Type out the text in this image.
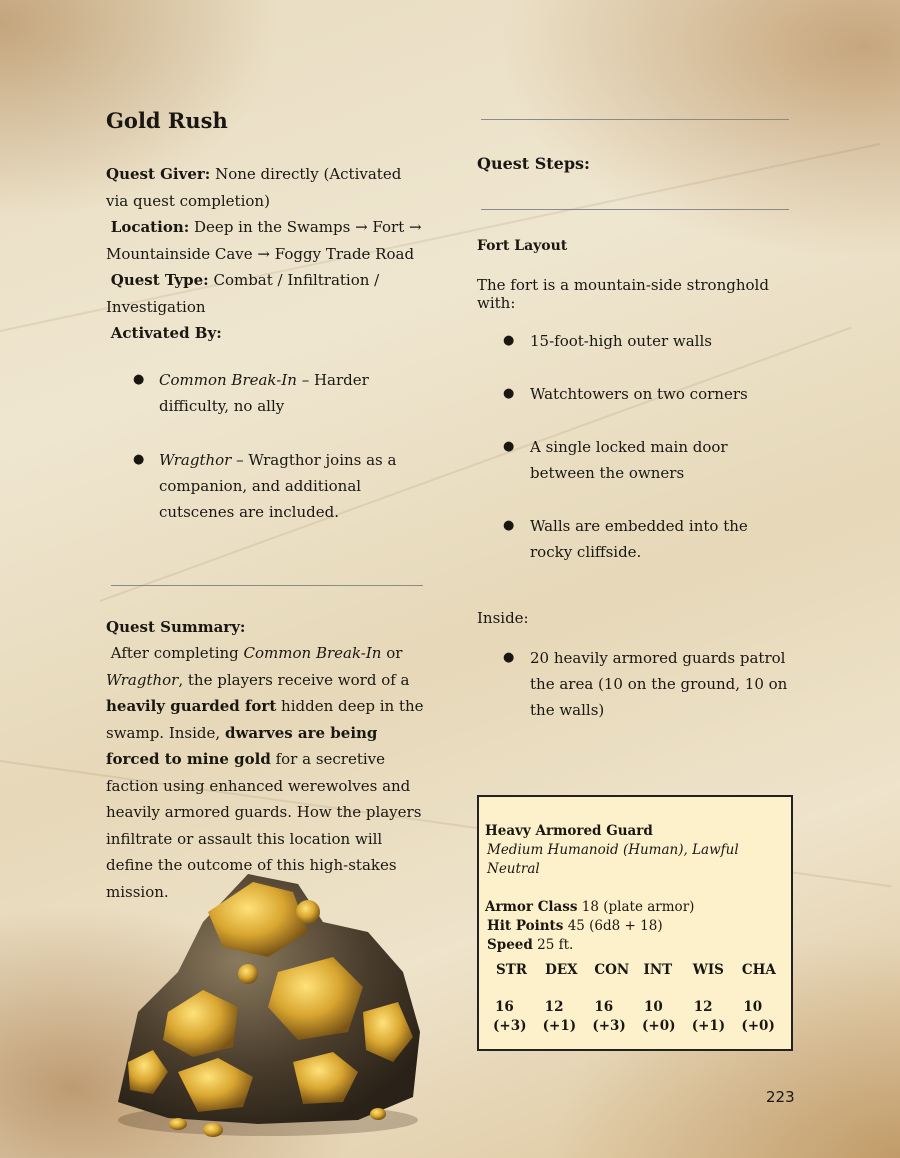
Gold Rush
Quest Giver: None directly (Activated via quest completion)
Location: Deep in the Swamps → Fort → Mountainside Cave → Foggy Trade Road
Quest Type: Combat / Infiltration / Investigation
Activated By:
● Common Break-In – Harder difficulty, no ally
● Wragthor – Wragthor joins as a companion, and additional cutscenes are included.
Quest Summary:
After completing Common Break-In or Wragthor, the players receive word of a heavily guarded fort hidden deep in the swamp. Inside, dwarves are being forced to mine gold for a secretive faction using enhanced werewolves and heavily armored guards. How the players infiltrate or assault this location will define the outcome of this high-stakes mission.
Quest Steps:
Fort Layout
The fort is a mountain-side stronghold with:
● 15-foot-high outer walls
● Watchtowers on two corners
● A single locked main door between the owners
● Walls are embedded into the rocky cliffside.
Inside:
● 20 heavily armored guards patrol the area (10 on the ground, 10 on the walls)
Heavy Armored Guard
Medium Humanoid (Human), Lawful Neutral
Armor Class 18 (plate armor)
Hit Points 45 (6d8 + 18)
Speed 25 ft.
STR	DEX	CON	INT	WIS	CHA
16	12	16	10	12	10
(+3)	(+1)	(+3)	(+0)	(+1)	(+0)
223
